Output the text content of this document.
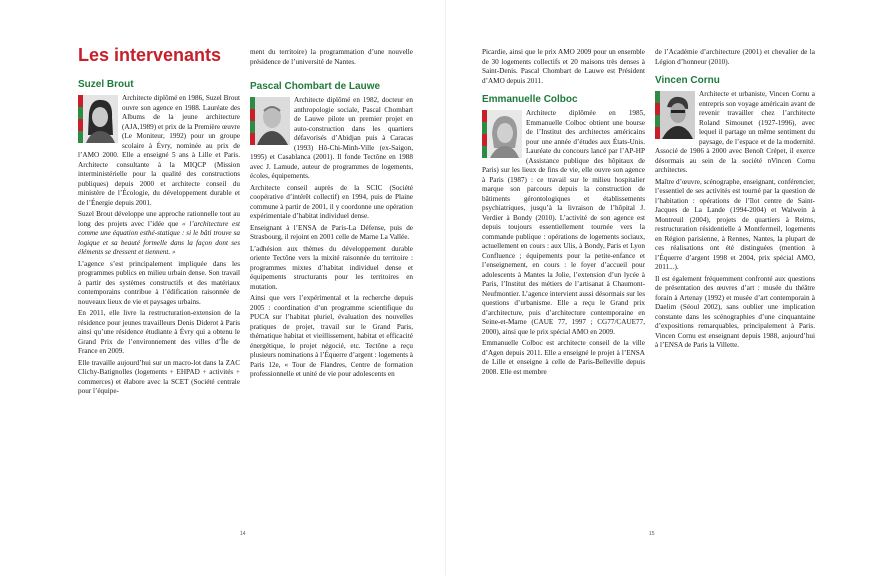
Les intervenants
Suzel Brout

Architecte diplômé en 1986, Suzel Brout ouvre son agence en 1988. Lauréate des Albums de la jeune architecture (AJA,1989) et prix de la Première œuvre (Le Moniteur, 1992) pour un groupe scolaire à Évry, nominée au prix de l’AMO 2000. Elle a enseigné 5 ans à Lille et Paris. Architecte consultante à la MIQCP (Mission interministérielle pour la qualité des constructions publiques) depuis 2000 et architecte conseil du ministère de l’Écologie, du développement durable et de l’Énergie depuis 2001.

Suzel Brout développe une approche rationnelle tout au long des projets avec l’idée que « l’architecture est comme une équation esthé-statique : si le bâti trouve sa logique et sa beauté formelle dans la façon dont ses éléments se dressent et tiennent. »

L’agence s’est principalement impliquée dans les programmes publics en milieu urbain dense. Son travail à partir des systèmes constructifs et des matériaux contemporains contribue à l’édification raisonnée de nouveaux lieux de vie et paysages urbains.

En 2011, elle livre la restructuration-extension de la résidence pour jeunes travailleurs Denis Diderot à Paris ainsi qu’une résidence étudiante à Évry qui a obtenu le Grand Prix de l’environnement des villes d’Île de France en 2009.

Elle travaille aujourd’hui sur un macro-lot dans la ZAC Clichy-Batignolles (logements + EHPAD + activités + commerces) et élabore avec la SCET (Société centrale pour l’équipe-

ment du territoire) la programmation d’une nouvelle présidence de l’université de Nantes.

Pascal Chombart de Lauwe

Architecte diplômé en 1982, docteur en anthropologie sociale, Pascal Chombart de Lauwe pilote un premier projet en auto-construction dans les quartiers défavorisés d’Abidjan puis à Caracas (1993) Hô-Chi-Minh-Ville (ex-Saigon, 1995) et Casablanca (2001). Il fonde Tectône en 1988 avec J. Lamude, auteur de programmes de logements, écoles, équipements.

Architecte conseil auprès de la SCIC (Société coopérative d’intérêt collectif) en 1994, puis de Plaine commune à partir de 2001, il y coordonne une opération expérimentale d’habitat individuel dense.

Enseignant à l’ENSA de Paris-La Défense, puis de Strasbourg, il rejoint en 2001 celle de Marne La Vallée.

L’adhésion aux thèmes du développement durable oriente Tectône vers la mixité raisonnée du territoire : programmes mixtes d’habitat individuel dense et équipements structurants pour les territoires en mutation.

Ainsi que vers l’expérimental et la recherche depuis 2005 : coordination d’un programme scientifique du PUCA sur l’habitat pluriel, évaluation des nouvelles pratiques de projet, travail sur le Grand Paris, thématique habitat et vieillissement, habitat et efficacité énergétique, le projet négocié, etc. Tectône a reçu plusieurs nominations à l’Équerre d’argent : logements à Paris 12e, « Tour de Flandres, Centre de formation professionnelle et unité de vie pour adolescents en

Picardie, ainsi que le prix AMO 2009 pour un ensemble de 30 logements collectifs et 20 maisons très denses à Saint-Denis. Pascal Chombart de Lauwe est Président d’AMO depuis 2011.

Emmanuelle Colboc

Architecte diplômée en 1985, Emmanuelle Colboc obtient une bourse de l’Institut des architectes américains pour une année d’études aux États-Unis. Lauréate du concours lancé par l’AP-HP (Assistance publique des hôpitaux de Paris) sur les lieux de fins de vie, elle ouvre son agence à Paris (1987) : ce travail sur le milieu hospitalier marque son parcours depuis la construction de bâtiments gérontologiques et établissements psychiatriques, jusqu’à la livraison de l’hôpital J. Verdier à Bondy (2010). L’activité de son agence est depuis toujours essentiellement tournée vers la commande publique : opérations de logements sociaux, actuellement en cours : aux Ulis, à Bondy, Paris et Lyon Confluence ; équipements pour la petite-enfance et l’enseignement, en cours : le foyer d’accueil pour adolescents à Mantes la Jolie, l’extension d’un lycée à Paris, l’Institut des métiers de l’artisanat à Chaumont-Neufmontier. L’agence intervient aussi désormais sur les questions d’urbanisme. Elle a reçu le Grand prix d’architecture, puis d’architecture contemporaine en Seine-et-Marne (CAUE 77, 1997 ; CG77/CAUE77, 2000), ainsi que le prix spécial AMO en 2009.

Emmanuelle Colboc est architecte conseil de la ville d’Agen depuis 2011. Elle a enseigné le projet à l’ENSA de Lille et enseigne à celle de Paris-Belleville depuis 2008. Elle est membre

de l’Académie d’architecture (2001) et chevalier de la Légion d’honneur (2010).

Vincen Cornu

Architecte et urbaniste, Vincen Cornu a entrepris son voyage américain avant de revenir travailler chez l’architecte Roland Simounet (1927-1996), avec lequel il partage un même sentiment du paysage, de l’espace et de la modernité. Associé de 1986 à 2000 avec Benoît Crépet, il exerce désormais au sein de la société nVincen Cornu architectes.

Maître d’œuvre, scénographe, enseignant, conférencier, l’essentiel de ses activités est tourné par la question de l’habitation : opérations de l’îlot centre de Saint-Jacques de La Lande (1994-2004) et Walwein à Montreuil (2004), projets de quartiers à Reims, restructuration résidentielle à Montfermeil, logements en Région parisienne, à Rennes, Nantes, la plupart de ces réalisations ont été distinguées (mention à l’Équerre d’argent 1998 et 2004, prix spécial AMO, 2011...).

Il est également fréquemment confronté aux questions de présentation des œuvres d’art : musée du théâtre forain à Artenay (1992) et musée d’art contemporain à Daelim (Séoul 2002), sans oublier une implication constante dans les scénographies d’une cinquantaine d’expositions remarquables, principalement à Paris. Vincen Cornu est enseignant depuis 1988, aujourd’hui à l’ENSA de Paris la Villette.

14	15
